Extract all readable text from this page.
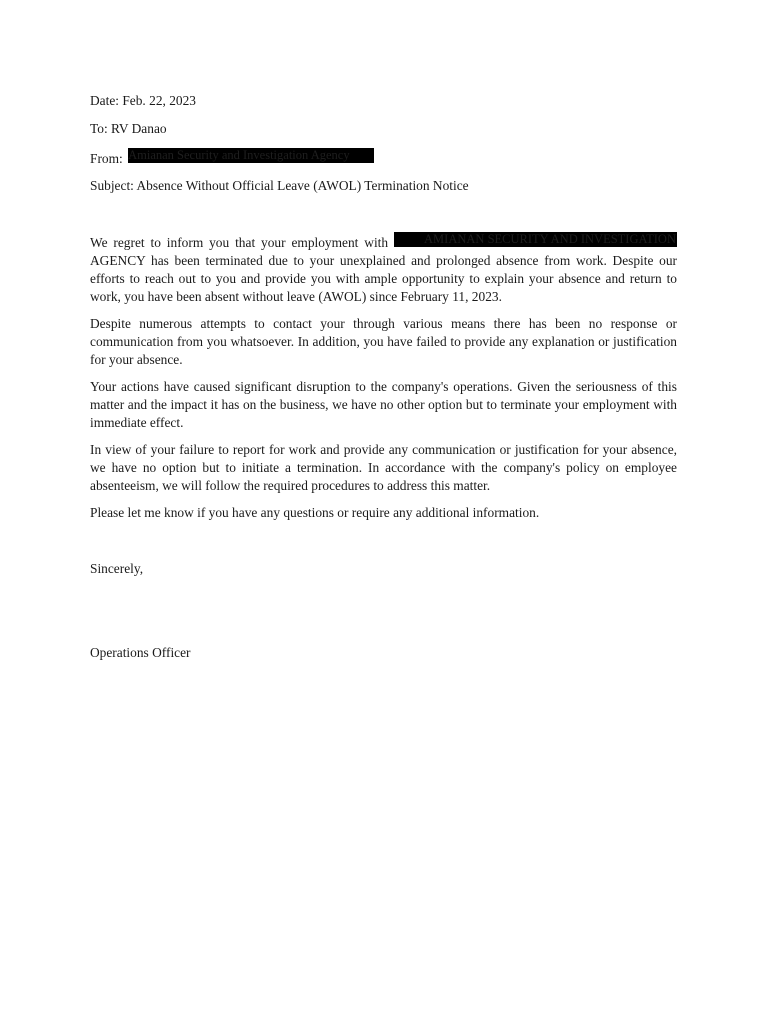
Date: Feb. 22, 2023
To: RV Danao
From: Amianan Security and Investigation Agency
Subject: Absence Without Official Leave (AWOL) Termination Notice

We regret to inform you that your employment with	AMIANAN SECURITY AND INVESTIGATION AGENCY has been terminated due to your unexplained and prolonged absence from work. Despite our efforts to reach out to you and provide you with ample opportunity to explain your absence and return to work, you have been absent without leave (AWOL) since February 11, 2023.

Despite numerous attempts to contact your through various means there has been no response or communication from you whatsoever. In addition, you have failed to provide any explanation or justification for your absence.

Your actions have caused significant disruption to the company's operations. Given the seriousness of this matter and the impact it has on the business, we have no other option but to terminate your employment with immediate effect.

In view of your failure to report for work and provide any communication or justification for your absence, we have no option but to initiate a termination. In accordance with the company's policy on employee absenteeism, we will follow the required procedures to address this matter.

Please let me know if you have any questions or require any additional information.

Sincerely,
Operations Officer
